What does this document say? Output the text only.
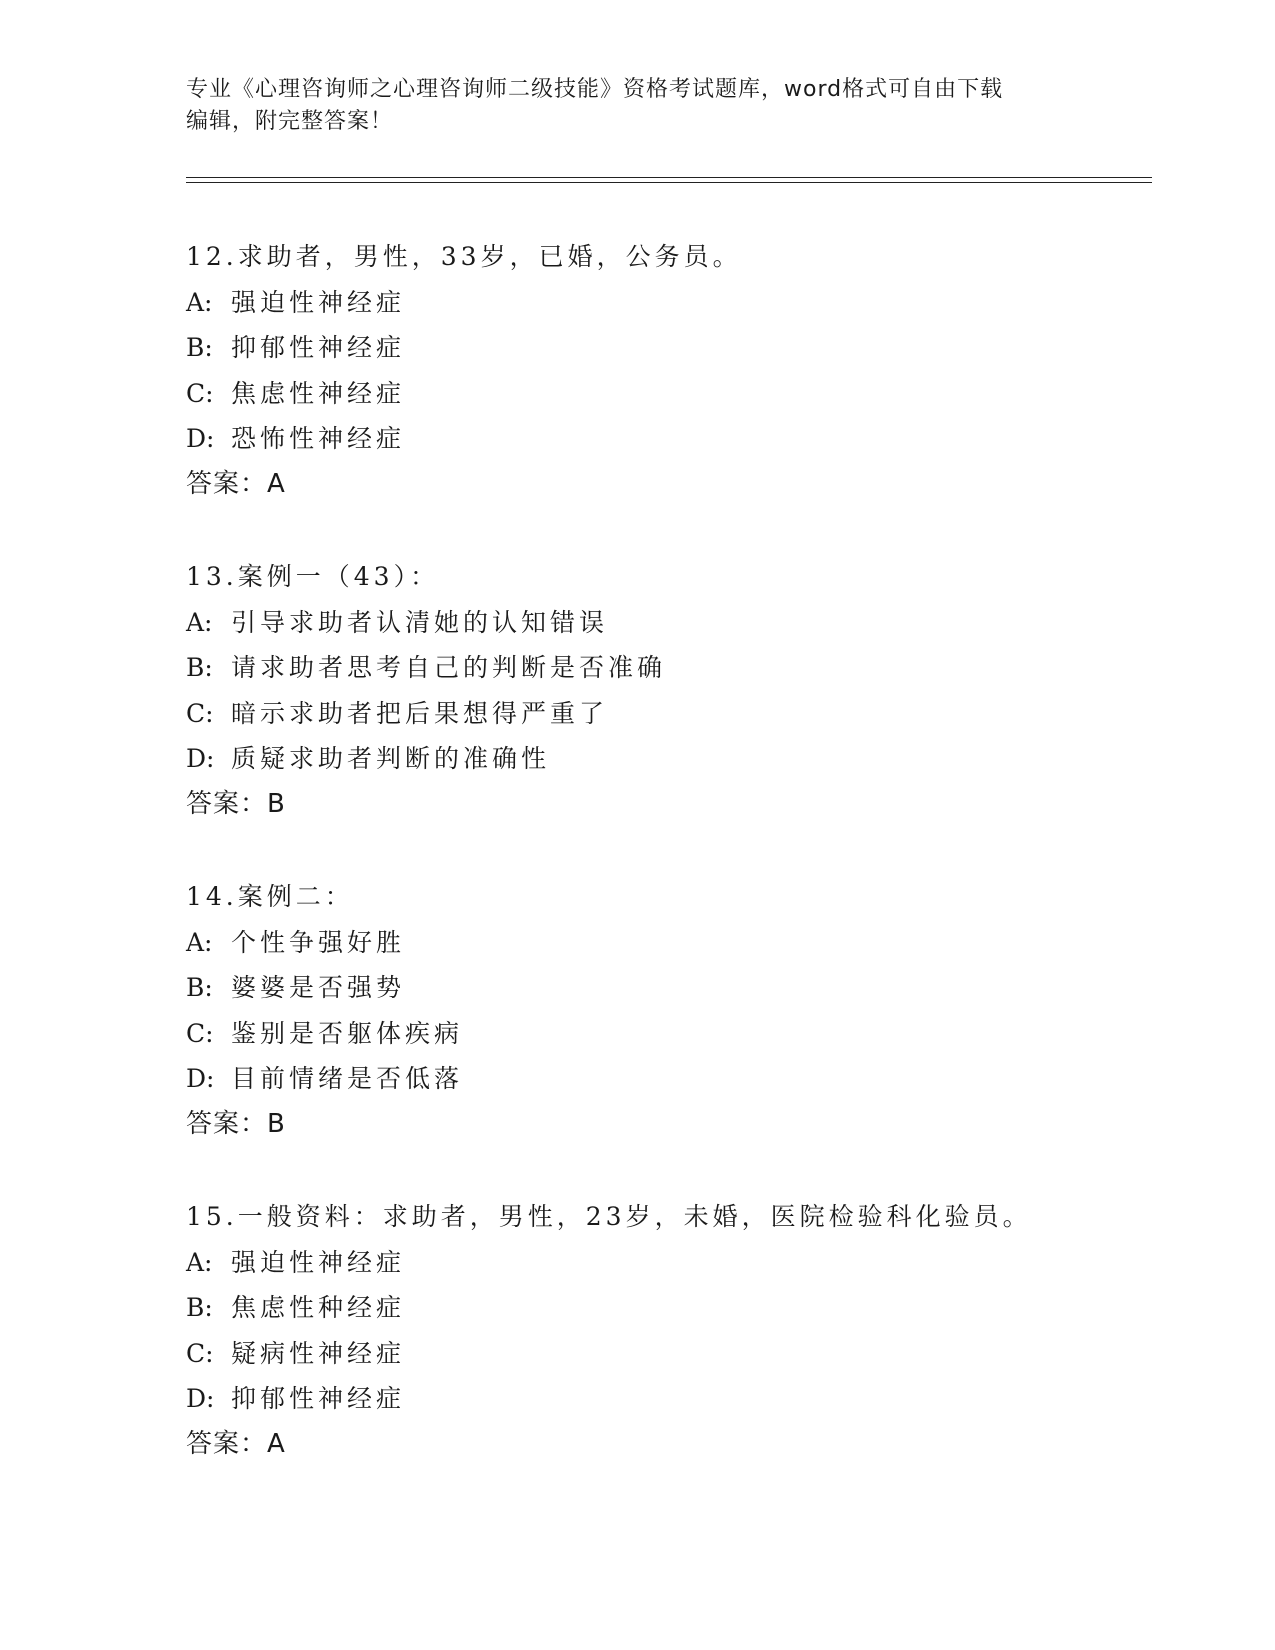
专业《心理咨询师之心理咨询师二级技能》资格考试题库，word格式可自由下载
编辑，附完整答案！
12.求助者，男性，33岁，已婚，公务员。
A: 强迫性神经症
B: 抑郁性神经症
C: 焦虑性神经症
D: 恐怖性神经症
答案：A
13.案例一（43）：
A: 引导求助者认清她的认知错误
B: 请求助者思考自己的判断是否准确
C: 暗示求助者把后果想得严重了
D: 质疑求助者判断的准确性
答案：B
14.案例二：
A: 个性争强好胜
B: 婆婆是否强势
C: 鉴别是否躯体疾病
D: 目前情绪是否低落
答案：B
15.一般资料：求助者，男性，23岁，未婚，医院检验科化验员。
A: 强迫性神经症
B: 焦虑性种经症
C: 疑病性神经症
D: 抑郁性神经症
答案：A
